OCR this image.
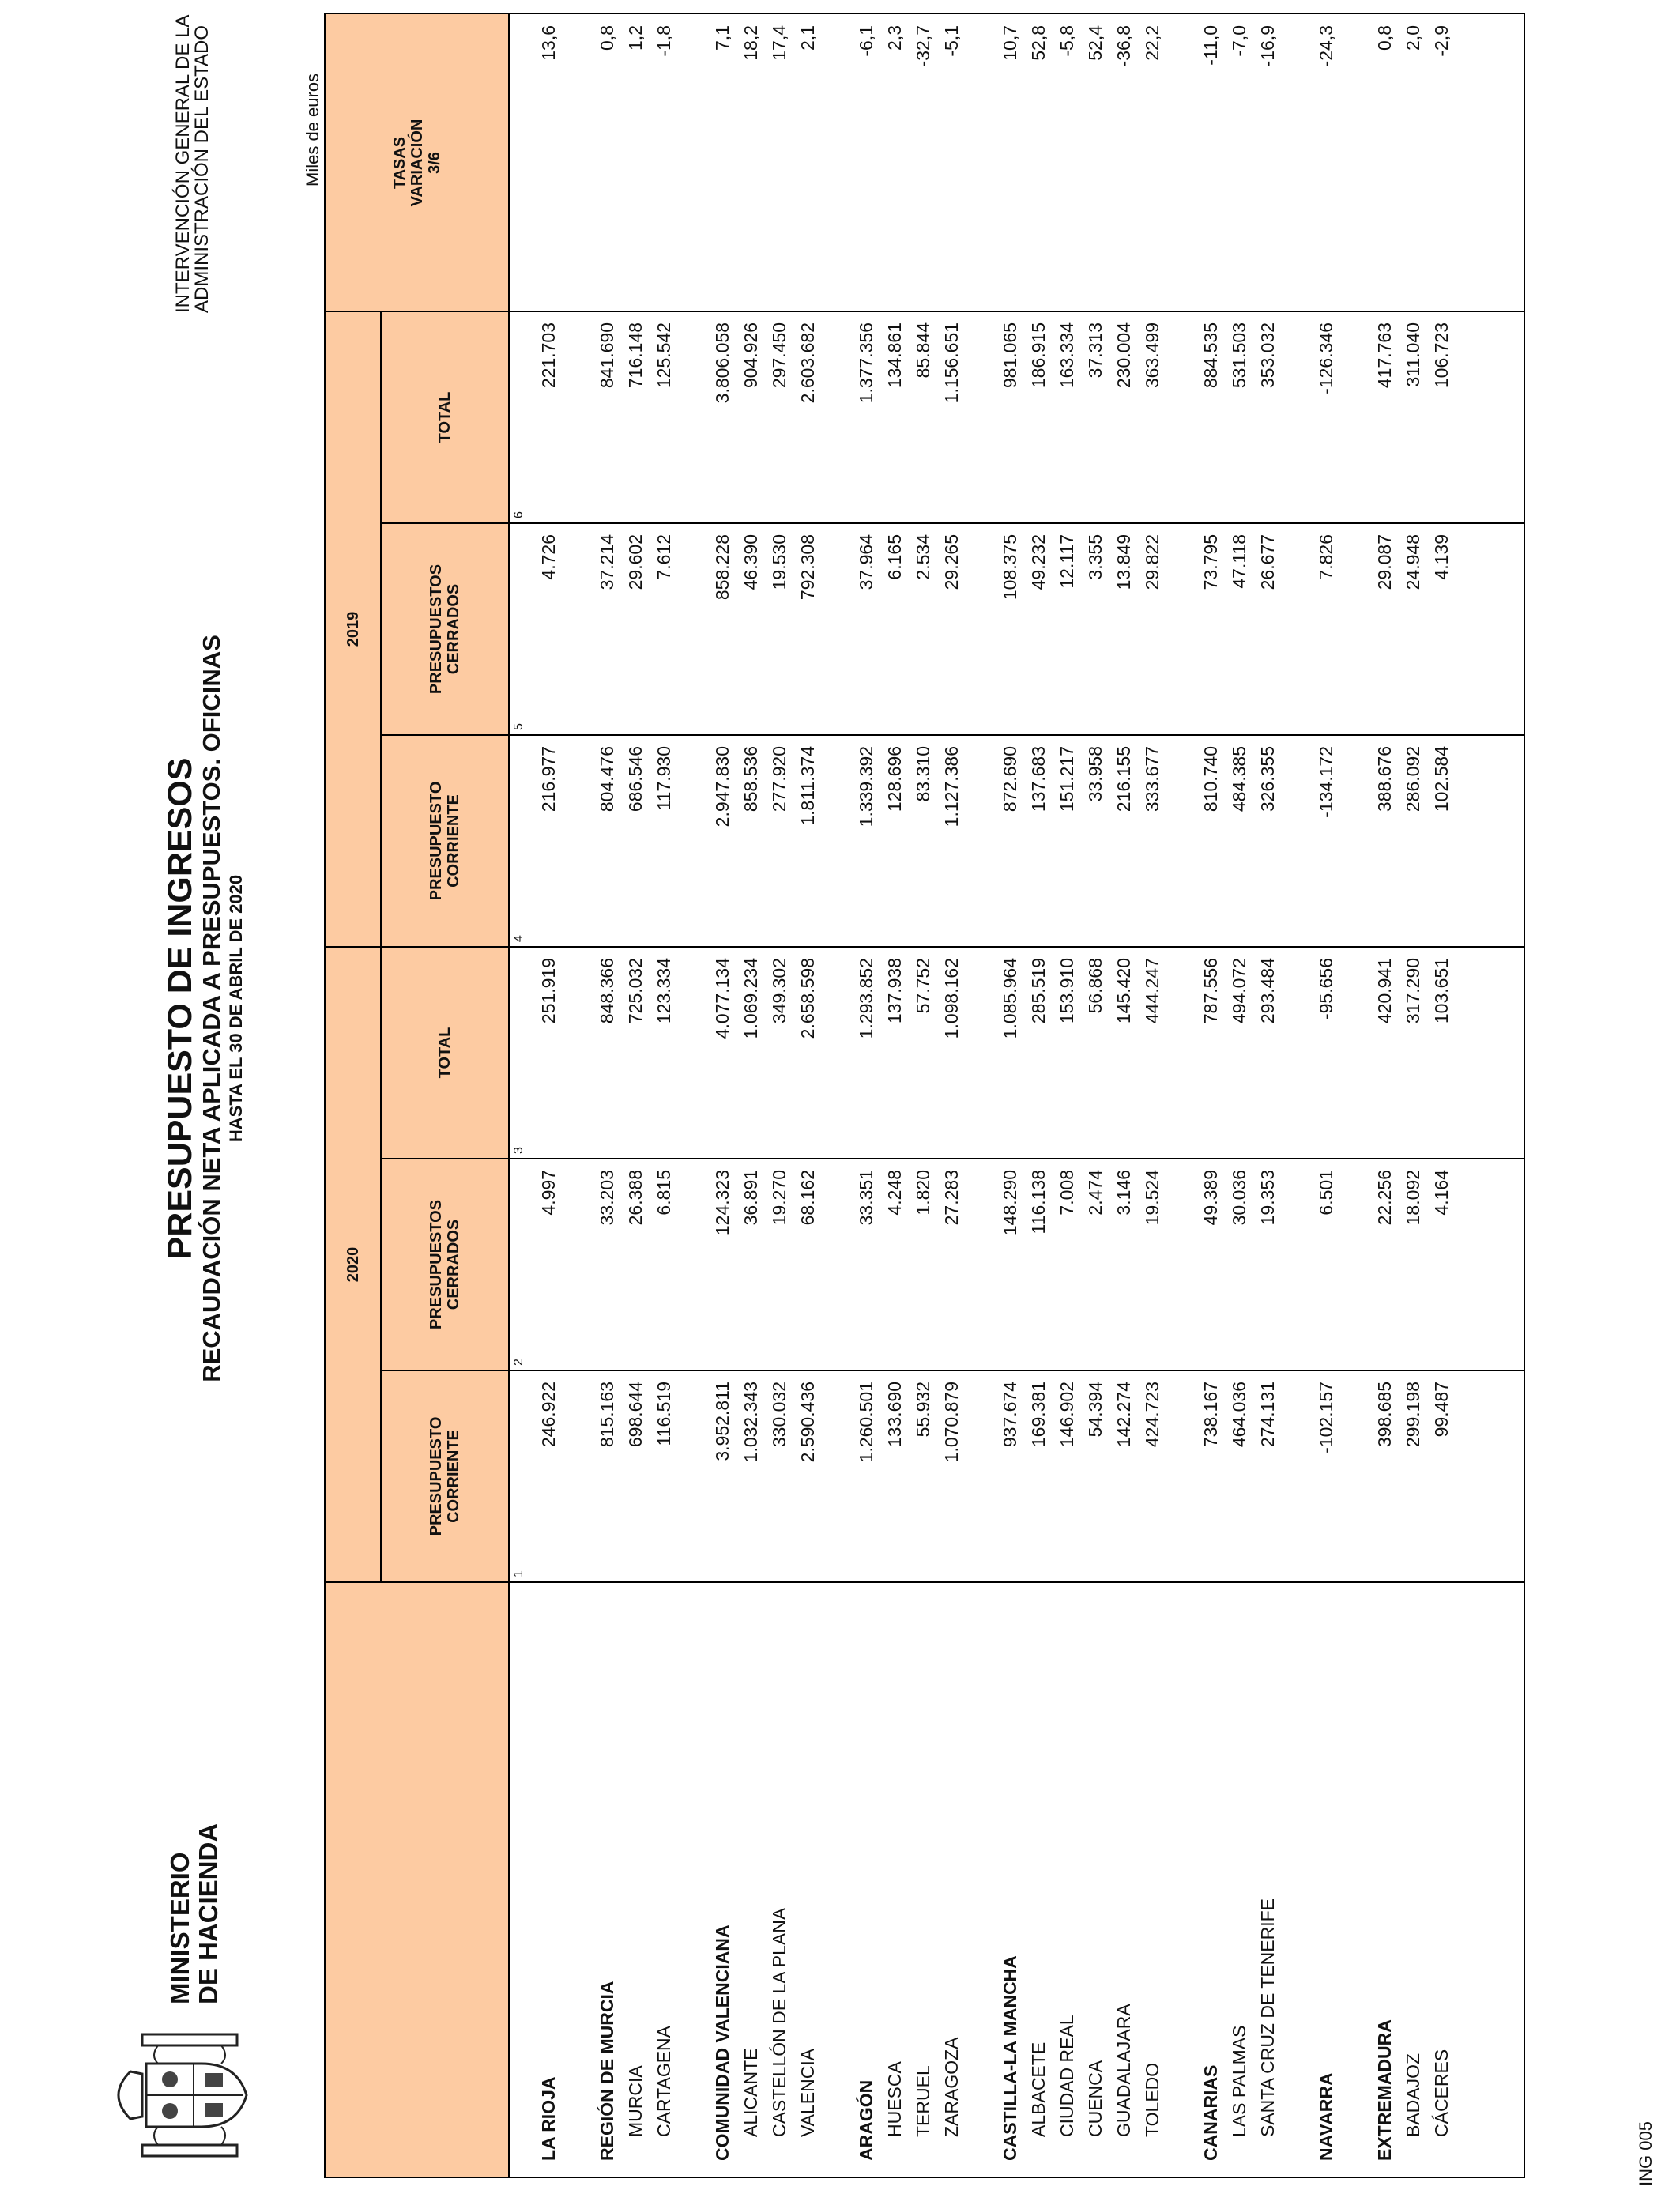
MINISTERIO DE HACIENDA
PRESUPUESTO DE INGRESOS
RECAUDACIÓN NETA APLICADA A PRESUPUESTOS. OFICINAS HASTA EL 30 DE ABRIL DE 2020
INTERVENCIÓN GENERAL DE LA
ADMINISTRACIÓN DEL ESTADO	Miles de euros
2020
2019
PRESUPUESTO
CORRIENTE
PRESUPUESTOS
CERRADOS
TOTAL
PRESUPUESTO
CORRIENTE
PRESUPUESTOS
CERRADOS
TOTAL
TASAS
VARIACIÓN
3/6
1
2
3
4
5
6
LA RIOJA
246.922
4.997
251.919
216.977
4.726
221.703
13,6
REGIÓN DE MURCIA
815.163
33.203
848.366
804.476
37.214
841.690
0,8
MURCIA
698.644
26.388
725.032
686.546
29.602
716.148
1,2
CARTAGENA
116.519
6.815
123.334
117.930
7.612
125.542
-1,8
COMUNIDAD VALENCIANA
3.952.811
124.323
4.077.134
2.947.830
858.228
3.806.058
7,1
ALICANTE
1.032.343
36.891
1.069.234
858.536
46.390
904.926
18,2
CASTELLÓN DE LA PLANA
330.032
19.270
349.302
277.920
19.530
297.450
17,4
VALENCIA
2.590.436
68.162
2.658.598
1.811.374
792.308
2.603.682
2,1
ARAGÓN
1.260.501
33.351
1.293.852
1.339.392
37.964
1.377.356
-6,1
HUESCA
133.690
4.248
137.938
128.696
6.165
134.861
2,3
TERUEL
55.932
1.820
57.752
83.310
2.534
85.844
-32,7
ZARAGOZA
1.070.879
27.283
1.098.162
1.127.386
29.265
1.156.651
-5,1
CASTILLA-LA MANCHA
937.674
148.290
1.085.964
872.690
108.375
981.065
10,7
ALBACETE
169.381
116.138
285.519
137.683
49.232
186.915
52,8
CIUDAD REAL
146.902
7.008
153.910
151.217
12.117
163.334
-5,8
CUENCA
54.394
2.474
56.868
33.958
3.355
37.313
52,4
GUADALAJARA
142.274
3.146
145.420
216.155
13.849
230.004
-36,8
TOLEDO
424.723
19.524
444.247
333.677
29.822
363.499
22,2
CANARIAS
738.167
49.389
787.556
810.740
73.795
884.535
-11,0
LAS PALMAS
464.036
30.036
494.072
484.385
47.118
531.503
-7,0
SANTA CRUZ DE TENERIFE
274.131
19.353
293.484
326.355
26.677
353.032
-16,9
NAVARRA
-102.157
6.501
-95.656
-134.172
7.826
-126.346
-24,3
EXTREMADURA
398.685
22.256
420.941
388.676
29.087
417.763
0,8
BADAJOZ
299.198
18.092
317.290
286.092
24.948
311.040
2,0
CÁCERES
99.487
4.164
103.651
102.584
4.139
106.723
-2,9
ING 005
